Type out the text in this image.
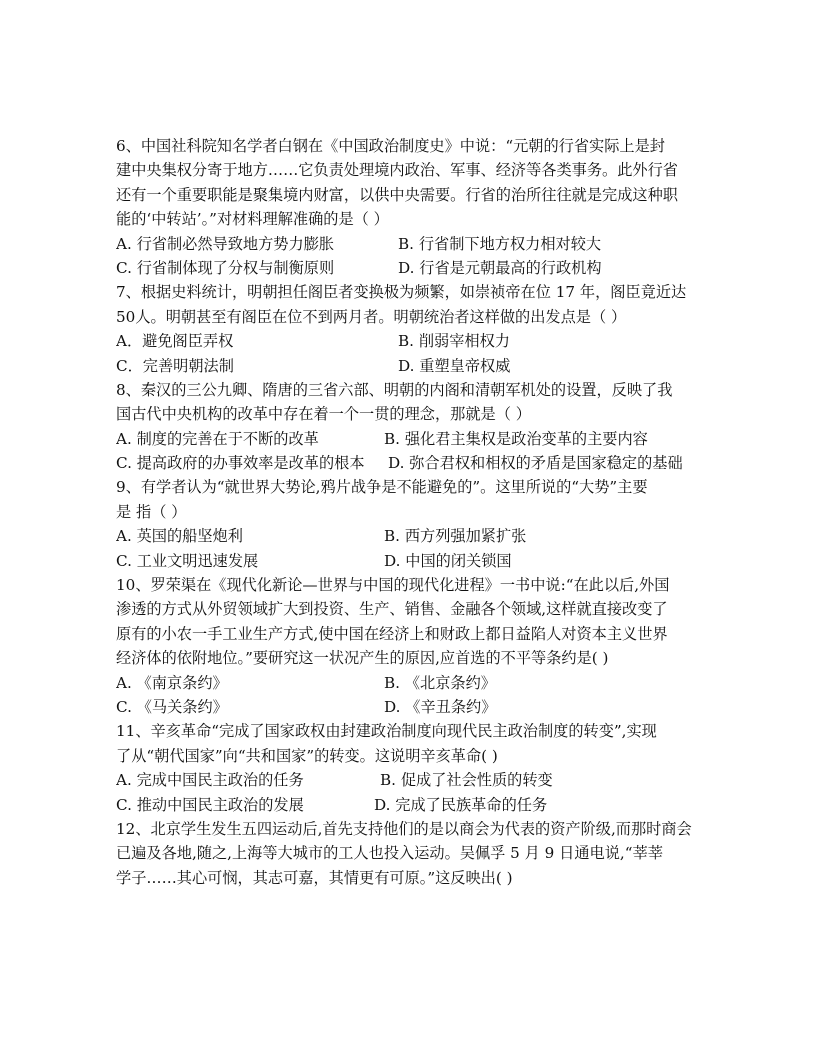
6、中国社科院知名学者白钢在《中国政治制度史》中说：“元朝的行省实际上是封
建中央集权分寄于地方……它负责处理境内政治、军事、经济等各类事务。此外行省
还有一个重要职能是聚集境内财富，以供中央需要。行省的治所往往就是完成这种职
能的‘中转站’。”对材料理解准确的是（ ）
A. 行省制必然导致地方势力膨胀	B. 行省制下地方权力相对较大
C. 行省制体现了分权与制衡原则	D. 行省是元朝最高的行政机构
7、根据史料统计，明朝担任阁臣者变换极为频繁，如崇祯帝在位 17 年，阁臣竟近达
50人。明朝甚至有阁臣在位不到两月者。明朝统治者这样做的出发点是（ ）
A．避免阁臣弄权	B. 削弱宰相权力
C．完善明朝法制	D. 重塑皇帝权威
8、秦汉的三公九卿、隋唐的三省六部、明朝的内阁和清朝军机处的设置，反映了我
国古代中央机构的改革中存在着一个一贯的理念，那就是（ ）
A. 制度的完善在于不断的改革	B. 强化君主集权是政治变革的主要内容
C. 提高政府的办事效率是改革的根本	D. 弥合君权和相权的矛盾是国家稳定的基础
9、有学者认为“就世界大势论,鸦片战争是不能避免的”。这里所说的“大势”主要
是 指（ ）
A. 英国的船坚炮利	B. 西方列强加紧扩张
C. 工业文明迅速发展	D. 中国的闭关锁国
10、罗荣渠在《现代化新论—世界与中国的现代化进程》一书中说:“在此以后,外国
渗透的方式从外贸领域扩大到投资、生产、销售、金融各个领域,这样就直接改变了
原有的小农一手工业生产方式,使中国在经济上和财政上都日益陷人对资本主义世界
经济体的依附地位。”要研究这一状况产生的原因,应首选的不平等条约是( )
A. 《南京条约》	B. 《北京条约》
C. 《马关条约》	D. 《辛丑条约》
11、辛亥革命“完成了国家政权由封建政治制度向现代民主政治制度的转变”,实现
了从“朝代国家”向“共和国家”的转变。这说明辛亥革命( )
A. 完成中国民主政治的任务	B. 促成了社会性质的转变
C. 推动中国民主政治的发展	D. 完成了民族革命的任务
12、北京学生发生五四运动后,首先支持他们的是以商会为代表的资产阶级,而那时商会
已遍及各地,随之,上海等大城市的工人也投入运动。吴佩孚 5 月 9 日通电说,“莘莘
学子……其心可悯，其志可嘉，其情更有可原。”这反映出( )
